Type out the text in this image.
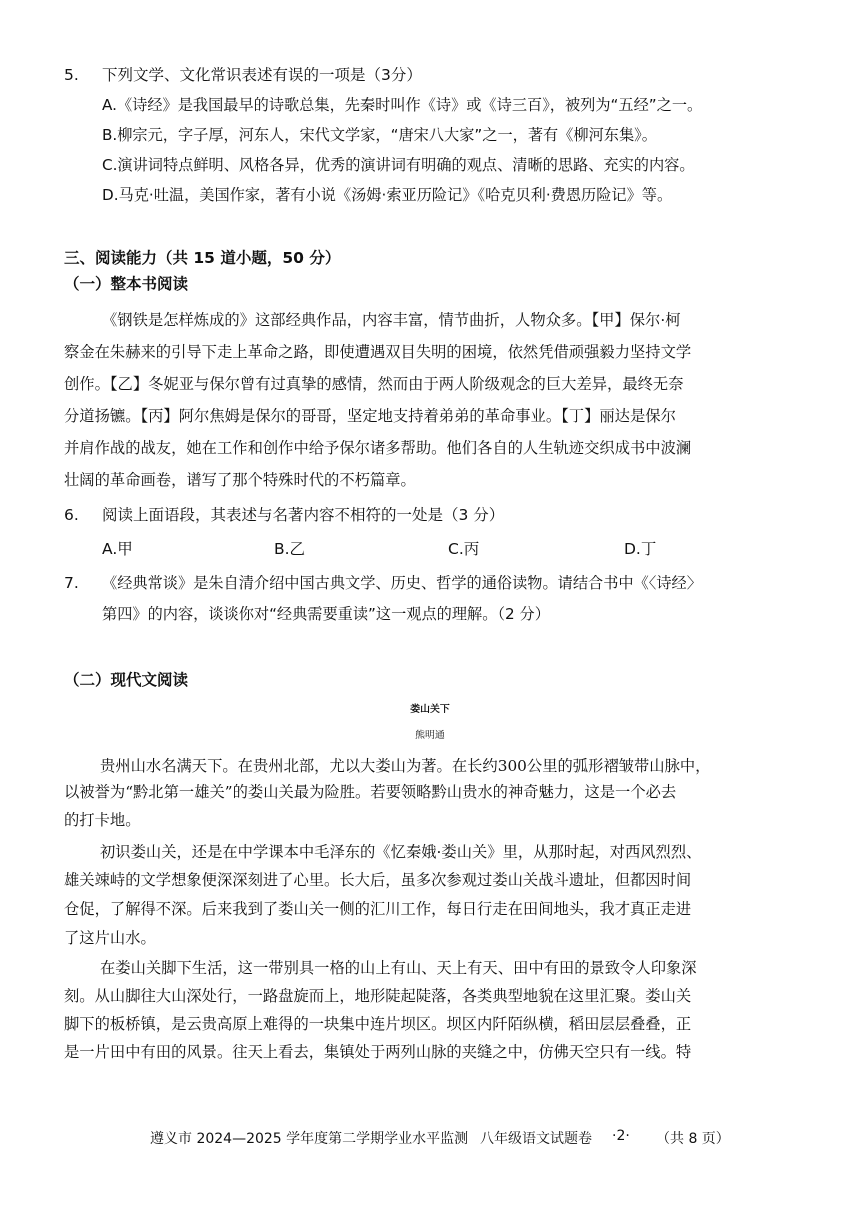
5. 下列文学、文化常识表述有误的一项是（3分）
A.《诗经》是我国最早的诗歌总集，先秦时叫作《诗》或《诗三百》，被列为“五经”之一。
B.柳宗元，字子厚，河东人，宋代文学家，“唐宋八大家”之一，著有《柳河东集》。
C.演讲词特点鲜明、风格各异，优秀的演讲词有明确的观点、清晰的思路、充实的内容。
D.马克·吐温，美国作家，著有小说《汤姆·索亚历险记》《哈克贝利·费恩历险记》等。
三、阅读能力（共 15 道小题，50 分）
（一）整本书阅读
《钢铁是怎样炼成的》这部经典作品，内容丰富，情节曲折，人物众多。【甲】保尔·柯
察金在朱赫来的引导下走上革命之路，即使遭遇双目失明的困境，依然凭借顽强毅力坚持文学
创作。【乙】冬妮亚与保尔曾有过真挚的感情，然而由于两人阶级观念的巨大差异，最终无奈
分道扬镳。【丙】阿尔焦姆是保尔的哥哥，坚定地支持着弟弟的革命事业。【丁】丽达是保尔
并肩作战的战友，她在工作和创作中给予保尔诸多帮助。他们各自的人生轨迹交织成书中波澜
壮阔的革命画卷，谱写了那个特殊时代的不朽篇章。
6. 阅读上面语段，其表述与名著内容不相符的一处是（3 分）
A.甲	B.乙	C.丙	D.丁
7. 《经典常谈》是朱自清介绍中国古典文学、历史、哲学的通俗读物。请结合书中《〈诗经〉
第四》的内容，谈谈你对“经典需要重读”这一观点的理解。（2 分）
（二）现代文阅读
娄山关下
熊明通
贵州山水名满天下。在贵州北部，尤以大娄山为著。在长约300公里的弧形褶皱带山脉中，
以被誉为“黔北第一雄关”的娄山关最为险胜。若要领略黔山贵水的神奇魅力，这是一个必去
的打卡地。
初识娄山关，还是在中学课本中毛泽东的《忆秦娥·娄山关》里，从那时起，对西风烈烈、
雄关竦峙的文学想象便深深刻进了心里。长大后，虽多次参观过娄山关战斗遗址，但都因时间
仓促，了解得不深。后来我到了娄山关一侧的汇川工作，每日行走在田间地头，我才真正走进
了这片山水。
在娄山关脚下生活，这一带别具一格的山上有山、天上有天、田中有田的景致令人印象深
刻。从山脚往大山深处行，一路盘旋而上，地形陡起陡落，各类典型地貌在这里汇聚。娄山关
脚下的板桥镇，是云贵高原上难得的一块集中连片坝区。坝区内阡陌纵横，稻田层层叠叠，正
是一片田中有田的风景。往天上看去，集镇处于两列山脉的夹缝之中，仿佛天空只有一线。特
遵义市 2024—2025 学年度第二学期学业水平监测 八年级语文试题卷 ·2· （共 8 页）
